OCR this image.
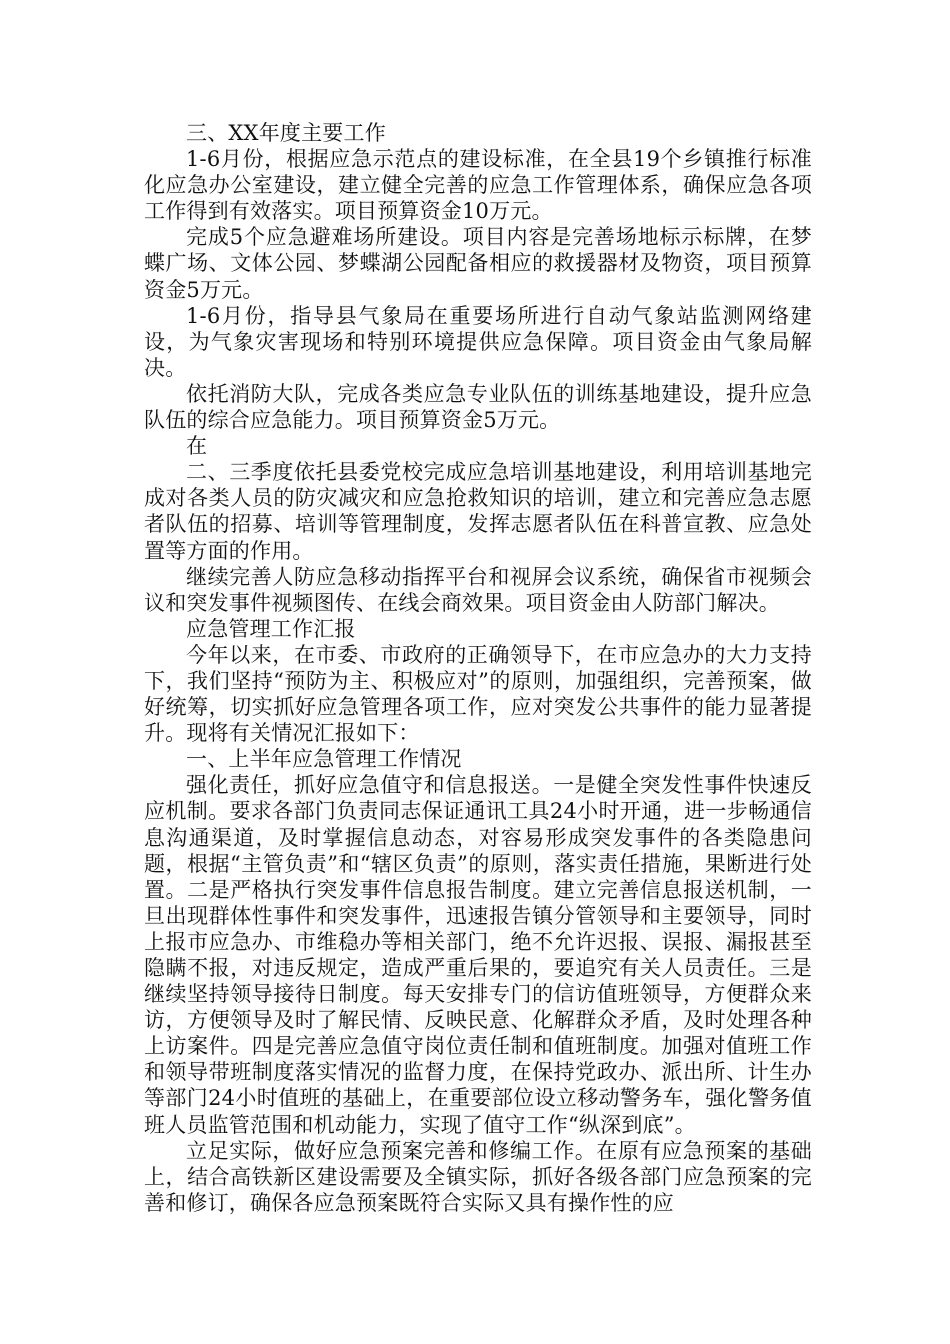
三、XX年度主要工作

1-6月份，根据应急示范点的建设标准，在全县19个乡镇推行标准化应急办公室建设，建立健全完善的应急工作管理体系，确保应急各项工作得到有效落实。项目预算资金10万元。

完成5个应急避难场所建设。项目内容是完善场地标示标牌，在梦蝶广场、文体公园、梦蝶湖公园配备相应的救援器材及物资，项目预算资金5万元。

1-6月份，指导县气象局在重要场所进行自动气象站监测网络建设，为气象灾害现场和特别环境提供应急保障。项目资金由气象局解决。

依托消防大队，完成各类应急专业队伍的训练基地建设，提升应急队伍的综合应急能力。项目预算资金5万元。

在

二、三季度依托县委党校完成应急培训基地建设，利用培训基地完成对各类人员的防灾减灾和应急抢救知识的培训，建立和完善应急志愿者队伍的招募、培训等管理制度，发挥志愿者队伍在科普宣教、应急处置等方面的作用。

继续完善人防应急移动指挥平台和视屏会议系统，确保省市视频会议和突发事件视频图传、在线会商效果。项目资金由人防部门解决。

应急管理工作汇报

今年以来，在市委、市政府的正确领导下，在市应急办的大力支持下，我们坚持“预防为主、积极应对”的原则，加强组织，完善预案，做好统筹，切实抓好应急管理各项工作，应对突发公共事件的能力显著提升。现将有关情况汇报如下：

一、上半年应急管理工作情况

强化责任，抓好应急值守和信息报送。一是健全突发性事件快速反应机制。要求各部门负责同志保证通讯工具24小时开通，进一步畅通信息沟通渠道，及时掌握信息动态，对容易形成突发事件的各类隐患问题，根据“主管负责”和“辖区负责”的原则，落实责任措施，果断进行处置。二是严格执行突发事件信息报告制度。建立完善信息报送机制，一旦出现群体性事件和突发事件，迅速报告镇分管领导和主要领导，同时上报市应急办、市维稳办等相关部门，绝不允许迟报、误报、漏报甚至隐瞒不报，对违反规定，造成严重后果的，要追究有关人员责任。三是继续坚持领导接待日制度。每天安排专门的信访值班领导，方便群众来访，方便领导及时了解民情、反映民意、化解群众矛盾，及时处理各种上访案件。四是完善应急值守岗位责任制和值班制度。加强对值班工作和领导带班制度落实情况的监督力度，在保持党政办、派出所、计生办等部门24小时值班的基础上，在重要部位设立移动警务车，强化警务值班人员监管范围和机动能力，实现了值守工作“纵深到底”。

立足实际，做好应急预案完善和修编工作。在原有应急预案的基础上，结合高铁新区建设需要及全镇实际，抓好各级各部门应急预案的完善和修订，确保各应急预案既符合实际又具有操作性的应
